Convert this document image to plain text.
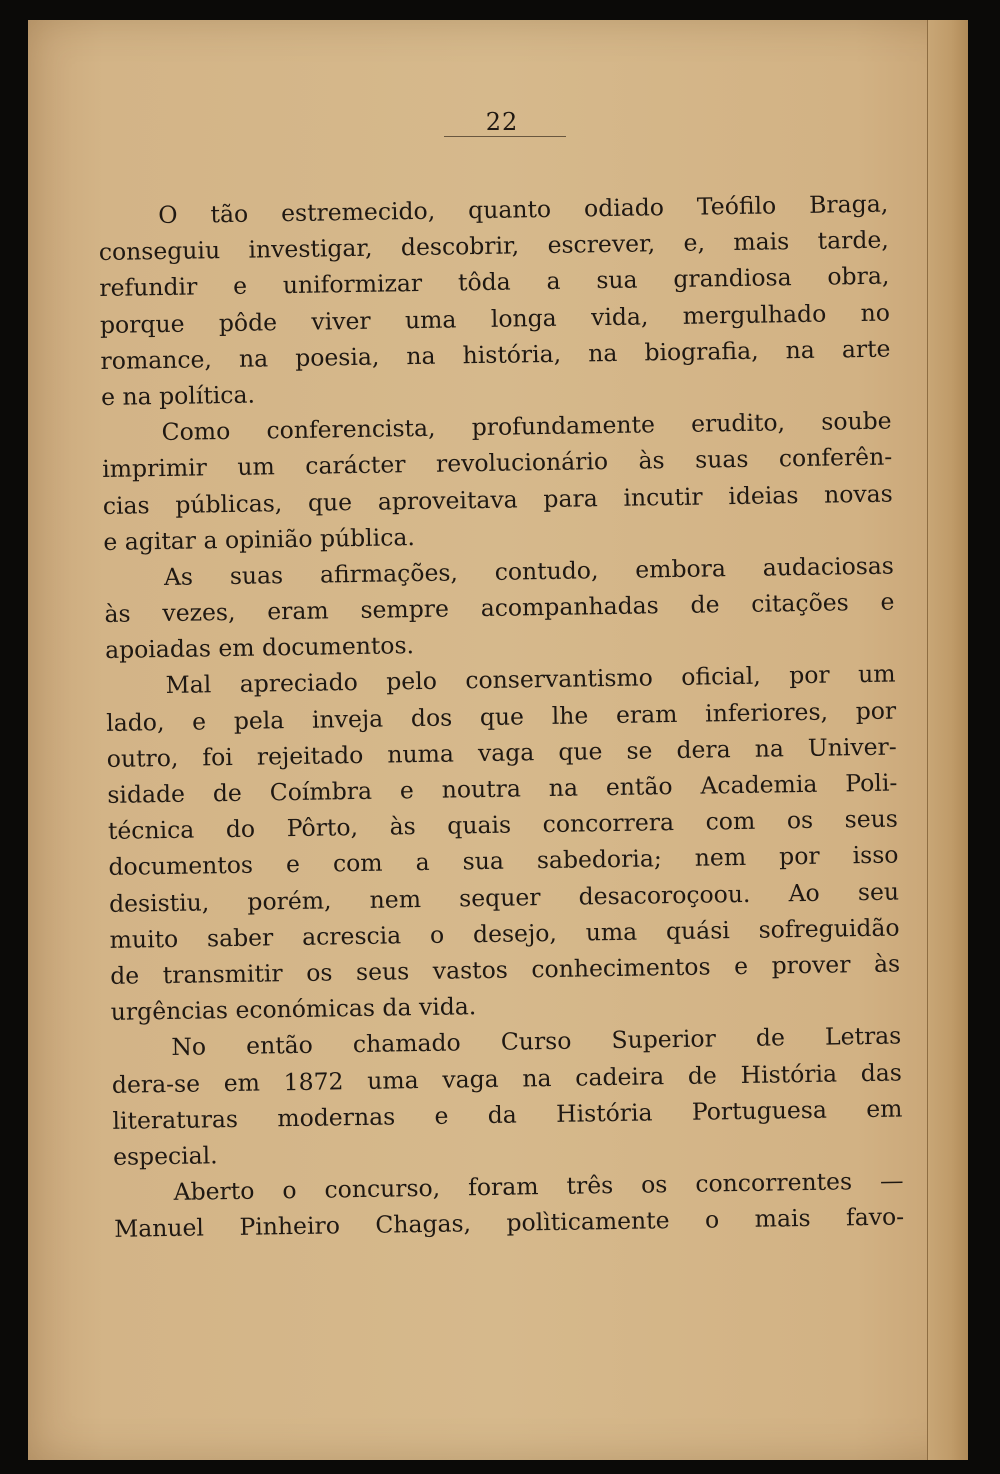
22
O tão estremecido, quanto odiado Teófilo Braga,
conseguiu investigar, descobrir, escrever, e, mais tarde,
refundir e uniformizar tôda a sua grandiosa obra,
porque pôde viver uma longa vida, mergulhado no
romance, na poesia, na história, na biografia, na arte
e na política.
Como conferencista, profundamente erudito, soube
imprimir um carácter revolucionário às suas conferên-
cias públicas, que aproveitava para incutir ideias novas
e agitar a opinião pública.
As suas afirmações, contudo, embora audaciosas
às vezes, eram sempre acompanhadas de citações e
apoiadas em documentos.
Mal apreciado pelo conservantismo oficial, por um
lado, e pela inveja dos que lhe eram inferiores, por
outro, foi rejeitado numa vaga que se dera na Univer-
sidade de Coímbra e noutra na então Academia Poli-
técnica do Pôrto, às quais concorrera com os seus
documentos e com a sua sabedoria; nem por isso
desistiu, porém, nem sequer desacoroçoou. Ao seu
muito saber acrescia o desejo, uma quási sofreguidão
de transmitir os seus vastos conhecimentos e prover às
urgências económicas da vida.
No então chamado Curso Superior de Letras
dera-se em 1872 uma vaga na cadeira de História das
literaturas modernas e da História Portuguesa em
especial.
Aberto o concurso, foram três os concorrentes —
Manuel Pinheiro Chagas, polìticamente o mais favo-
